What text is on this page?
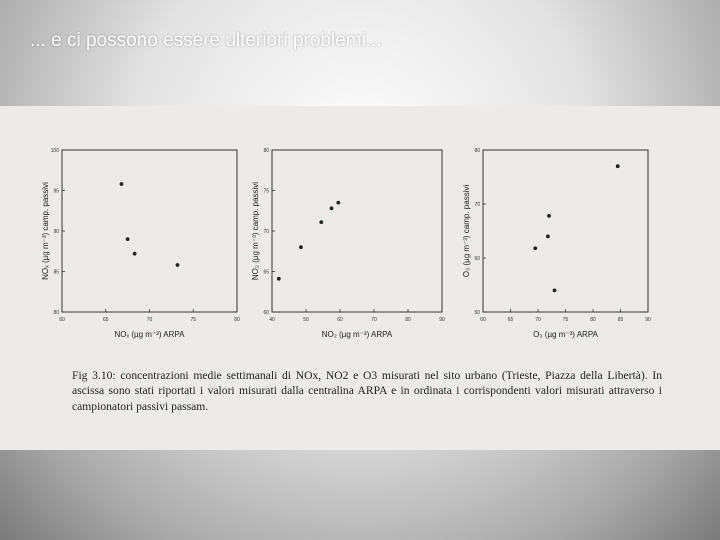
... e ci possono essere ulteriori problemi...
60	65	70	75	80
80
85
90
95
100
NOₓ (µg m⁻³) ARPA
NOₓ (µg m⁻³) camp. passivi
40	50	60	70	80	90
60
65
70
75
80
NO₂ (µg m⁻³) ARPA
NO₂ (µg m⁻³) camp. passivi
60	65	70	75	80	85	90
50
60
70
80
O₃ (µg m⁻³) ARPA
O₃ (µg m⁻³) camp. passivi

Fig 3.10: concentrazioni medie settimanali di NOx, NO2 e O3 misurati nel sito urbano (Trieste, Piazza della Libertà). In ascissa sono stati riportati i valori misurati dalla centralina ARPA e in ordinata i corrispondenti valori misurati attraverso i campionatori passivi passam.
